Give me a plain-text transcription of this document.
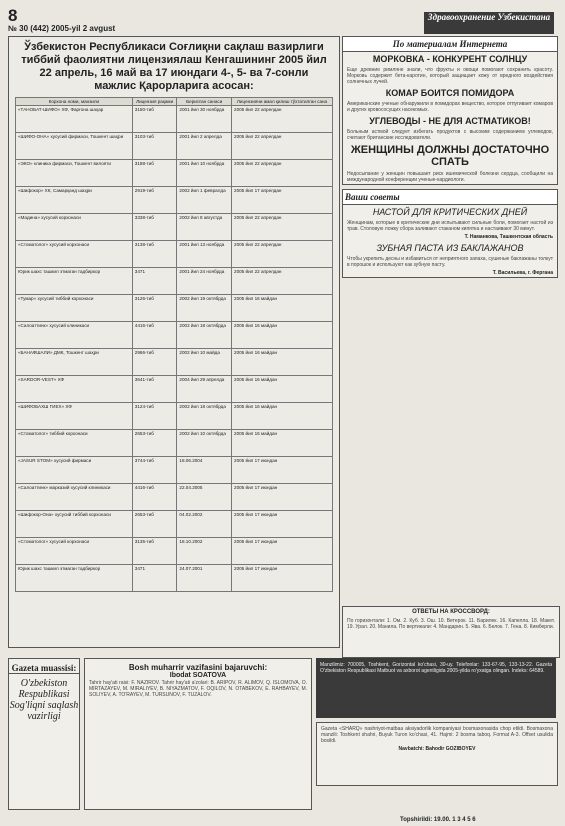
8
№ 30 (442) 2005-yil 2 avgust
Здравоохранение Узбекистана
Ўзбекистон Республикаси Соғлиқни сақлаш вазирлиги тиббий фаолиятни лицензиялаш Кенгашининг 2005 йил 22 апрель, 16 май ва 17 июндаги 4-, 5- ва 7-сонли мажлис Қарорларига асосан:
Корхона номи, манзили	Лицензия рақами	Берилган санаси	Лицензияни амал қилиш тўхтатилган сана
«ТАНОБАТ-ШИФО» ХФ, Фарғона шаҳар	3150-тиб	2001 йил 30 ноябрда	2005 йил 22 апрелдан
«ШИФО-ОНА» хусусий фирмаси, Тошкент шаҳри	3103-тиб	2001 йил 2 апрелда	2005 йил 22 апрелдан
«ЭКО» клиника фирмаси, Тошкент вилояти	3188-тиб	2001 йил 10 ноябрда	2005 йил 22 апрелдан
«Шифокор» ХК, Самарқанд шаҳри	2919-тиб	2002 йил 1 февралда	2005 йил 17 апрелдан
«Мадина» хусусий корхонаси	3338-тиб	2002 йил 8 августда	2005 йил 22 апрелдан
«Стоматолог» хусусий корхонаси	3138-тиб	2001 йил 13 ноябрда	2005 йил 22 апрелдан
Юрик шахс ташкил этмаган тадбиркор	3471	2001 йил 24 ноябрда	2005 йил 22 апрелдан
«Тумар» хусусий тиббий корхонаси	3126-тиб	2002 йил 19 октябрда	2005 йил 16 майдан
«Салоаттинк» хусусий клиникаси	4416-тиб	2002 йил 18 октябрда	2005 йил 16 майдан
«БАНАФШАЛИ» ДМК, Тошкент шаҳри	2966-тиб	2002 йил 10 майда	2005 йил 16 майдан
«SARDOR-VEST» ХФ	3641-тиб	2004 йил 29 апрелда	2005 йил 16 майдан
«ШИФОБАХШ ГИЕХ» ХФ	3124-тиб	2002 йил 18 октябрда	2005 йил 16 майдан
«Стоматолог» тиббий корхонаси	2653-тиб	2002 йил 10 октябрда	2005 йил 16 майдан
«JASUR STOM» хусусий фирмаси	3744-тиб	18.06.2004	2005 йил 17 июндан
«Салоаттинк» марказий хусусий клиникаси	4416-тиб	22.04.2005	2005 йил 17 июндан
«Шифокор-Она» хусусий тиббий корхонаси	2653-тиб	04.02.2002	2005 йил 17 июндан
«Стоматолог» хусусий корхонаси	3135-тиб	18.10.2002	2005 йил 17 июндан
Юрик шахс ташкил этмаган тадбиркор	3471	24.07.2001	2005 йил 17 июндан
По материалам Интернета
МОРКОВКА - КОНКУРЕНТ СОЛНЦУ
Еще древние римляне знали, что фрукты и овощи помогают сохранить красоту. Морковь содержит бета-каротин, который защищает кожу от вредного воздействия солнечных лучей.
КОМАР БОИТСЯ ПОМИДОРА
Американские ученые обнаружили в помидорах вещество, которое отпугивает комаров и других кровососущих насекомых.
УГЛЕВОДЫ - НЕ ДЛЯ АСТМАТИКОВ!
Больным астмой следует избегать продуктов с высоким содержанием углеводов, считают британские исследователи.
ЖЕНЩИНЫ ДОЛЖНЫ ДОСТАТОЧНО СПАТЬ
Недосыпание у женщин повышает риск ишемической болезни сердца, сообщили на международной конференции ученые-кардиологи.
Ваши советы
НАСТОЙ ДЛЯ КРИТИЧЕСКИХ ДНЕЙ
Женщинам, которые в критические дни испытывают сильные боли, помогает настой из трав. Столовую ложку сбора заливают стаканом кипятка и настаивают 30 минут.
Т. Наманкова, Ташкентская область
ЗУБНАЯ ПАСТА ИЗ БАКЛАЖАНОВ
Чтобы укрепить десны и избавиться от неприятного запаха, сушеные баклажаны толкут в порошок и используют как зубную пасту.
Т. Васильева, г. Фергана
ОТВЕТЫ НА КРОССВОРД:
По горизонтали: 1. Ом. 2. Куб. 3. Ош. 10. Ветерок. 11. Барилек. 16. Капелла. 18. Макет. 19. Урал. 20. Манила. По вертикали: 4. Мандарин. 5. Ява. 6. Белок. 7. Гена. 8. Кимберли.
Gazeta muassisi:
O'zbekiston
Respublikasi
Sog'liqni saqlash
vazirligi
Bosh muharrir vazifasini bajaruvchi:
Ibodat SOATOVA
Tahrir hay'ati raisi: F. NAZIROV. Tahrir hay'ati a'zolari: B. ARIPOV, R. ALIMOV, Q. ISLOMOVA, O. MIRTAZAYEV, M. MIRALIYEV, B. NIYAZMATOV, F. OQILOV, N. OTABEKOV, E. RAHBAYEV, M. SOLIYEV, A. TO'RAYEV, M. TURSUNOV, F. TUZALOV.
Manzilimiz: 700005, Toshkent, Gorizontal ko'chasi, 30-uy. Telefonlar: 133-67-95, 133-13-22. Gazeta O'zbekiston Respublikasi Matbuot va axborot agentligida 2005-yilda ro'yxatga olingan. Indeks: 64589.
Gazeta «SHARQ» nashriyot-matbaa aksiyadorlik kompaniyasi bosmaxonasida chop etildi. Bosmaxona manzili: Toshkent shahri, Buyuk Turon ko'chasi, 41. Hajmi: 2 bosma taboq. Format A-3. Offset usulida bosildi.
Navbatchi: Bahodir GOZIBOYEV
Topshirildi: 19.00. 1 3 4 5 6
